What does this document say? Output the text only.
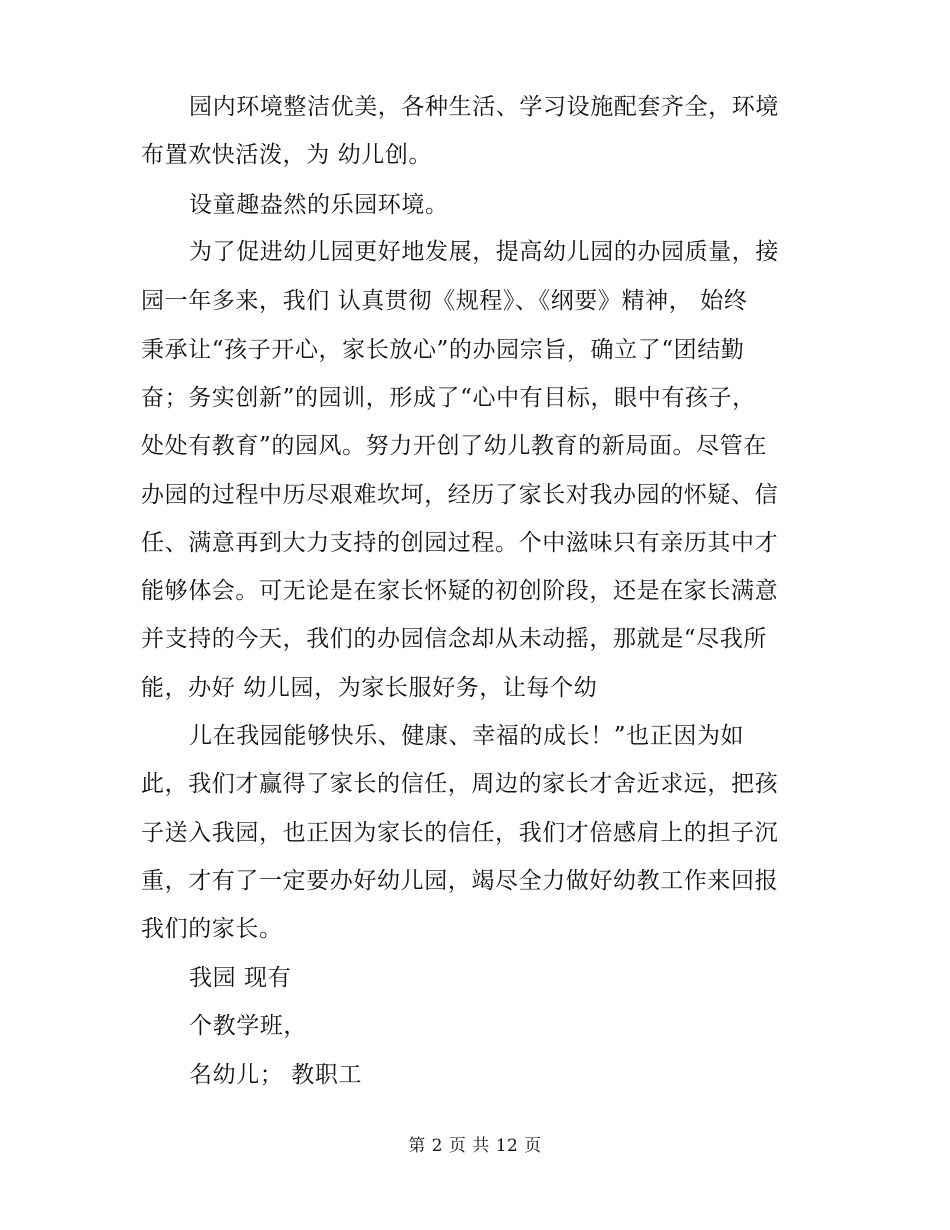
园内环境整洁优美，各种生活、学习设施配套齐全，环境
布置欢快活泼，为 幼儿创。
设童趣盎然的乐园环境。
为了促进幼儿园更好地发展，提高幼儿园的办园质量，接
园一年多来，我们 认真贯彻《规程》、《纲要》精神， 始终
秉承让“孩子开心，家长放心”的办园宗旨，确立了“团结勤
奋；务实创新”的园训，形成了“心中有目标，眼中有孩子，
处处有教育”的园风。努力开创了幼儿教育的新局面。尽管在
办园的过程中历尽艰难坎坷，经历了家长对我办园的怀疑、信
任、满意再到大力支持的创园过程。个中滋味只有亲历其中才
能够体会。可无论是在家长怀疑的初创阶段，还是在家长满意
并支持的今天，我们的办园信念却从未动摇，那就是“尽我所
能，办好 幼儿园，为家长服好务，让每个幼
儿在我园能够快乐、健康、幸福的成长！”也正因为如
此，我们才赢得了家长的信任，周边的家长才舍近求远，把孩
子送入我园，也正因为家长的信任，我们才倍感肩上的担子沉
重，才有了一定要办好幼儿园，竭尽全力做好幼教工作来回报
我们的家长。
我园 现有
个教学班，
名幼儿； 教职工
第 2 页 共 12 页
